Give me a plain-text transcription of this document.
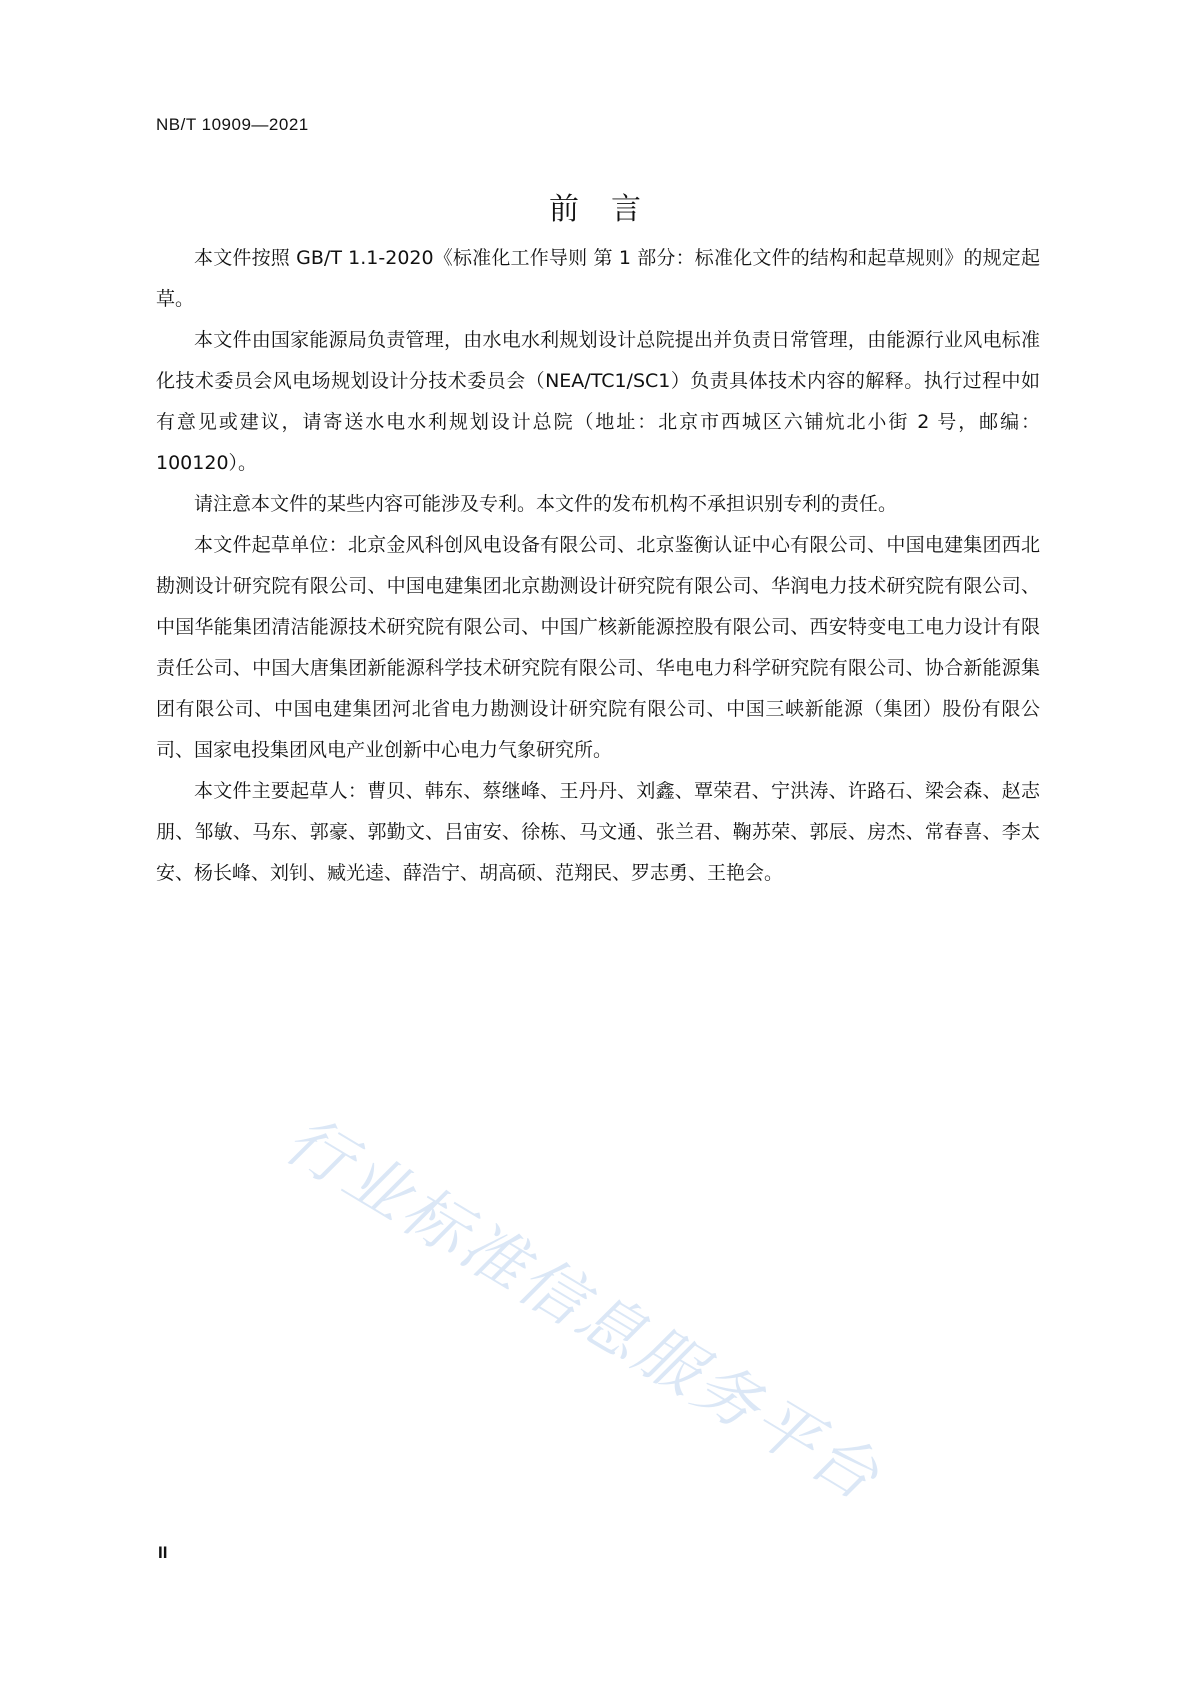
NB/T 10909—2021
前言

本文件按照 GB/T 1.1-2020《标准化工作导则 第 1 部分：标准化文件的结构和起草规则》的规定起草。

本文件由国家能源局负责管理，由水电水利规划设计总院提出并负责日常管理，由能源行业风电标准化技术委员会风电场规划设计分技术委员会（NEA/TC1/SC1）负责具体技术内容的解释。执行过程中如有意见或建议，请寄送水电水利规划设计总院（地址：北京市西城区六铺炕北小街 2 号，邮编：100120）。

请注意本文件的某些内容可能涉及专利。本文件的发布机构不承担识别专利的责任。

本文件起草单位：北京金风科创风电设备有限公司、北京鉴衡认证中心有限公司、中国电建集团西北勘测设计研究院有限公司、中国电建集团北京勘测设计研究院有限公司、华润电力技术研究院有限公司、中国华能集团清洁能源技术研究院有限公司、中国广核新能源控股有限公司、西安特变电工电力设计有限责任公司、中国大唐集团新能源科学技术研究院有限公司、华电电力科学研究院有限公司、协合新能源集团有限公司、中国电建集团河北省电力勘测设计研究院有限公司、中国三峡新能源（集团）股份有限公司、国家电投集团风电产业创新中心电力气象研究所。

本文件主要起草人：曹贝、韩东、蔡继峰、王丹丹、刘鑫、覃荣君、宁洪涛、许路石、梁会森、赵志朋、邹敏、马东、郭豪、郭勤文、吕宙安、徐栋、马文通、张兰君、鞠苏荣、郭辰、房杰、常春喜、李太安、杨长峰、刘钊、臧光逵、薛浩宁、胡高硕、范翔民、罗志勇、王艳会。

行业标准信息服务平台
II
